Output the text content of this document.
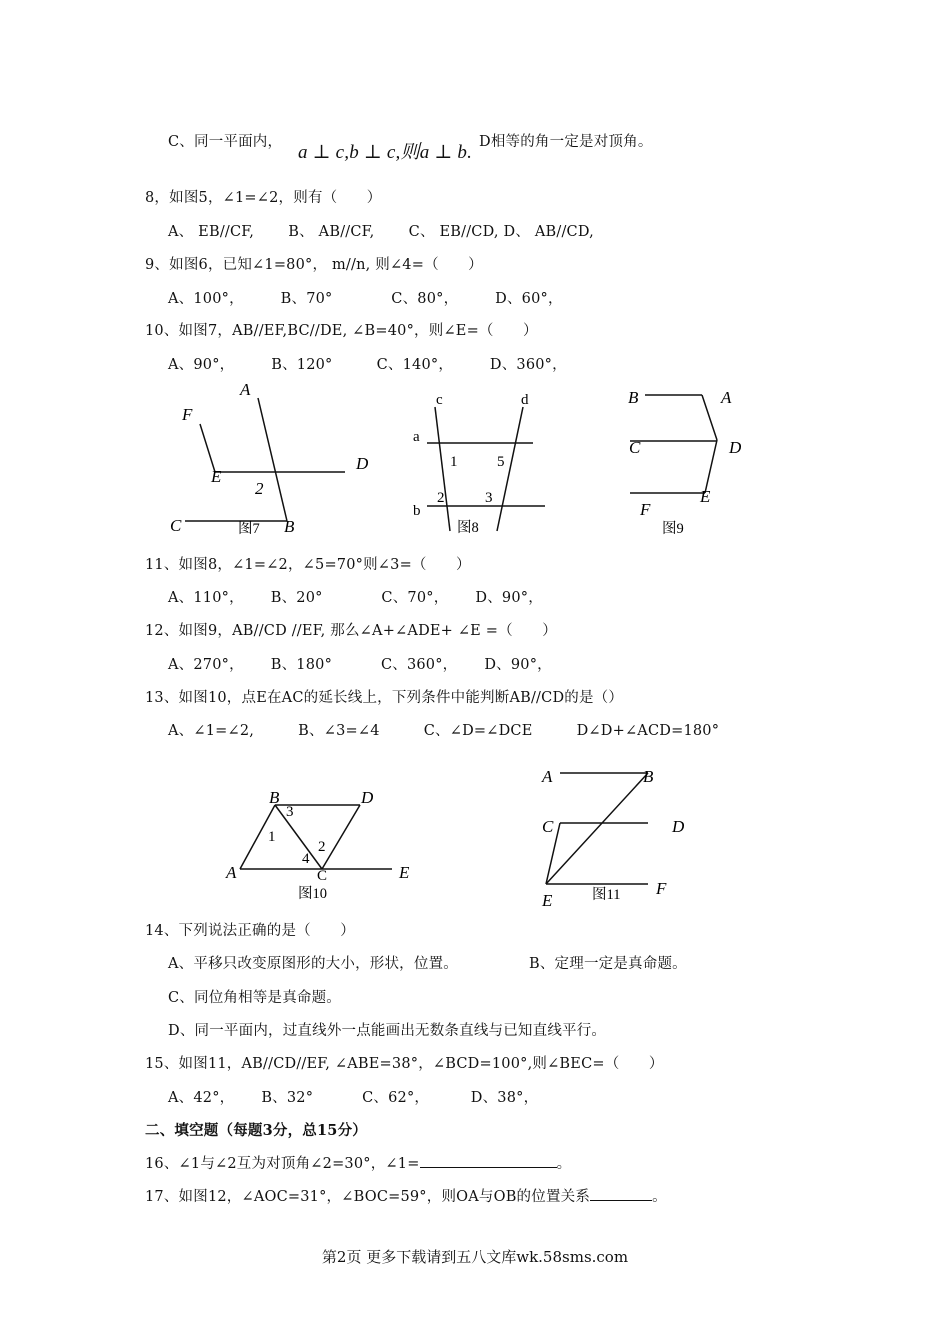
C、同一平面内， a ⊥ c,b ⊥ c,则a ⊥ b. D相等的角一定是对顶角。
8，如图5，∠1=∠2，则有（　　）
A、 EB//CF,　　 B、 AB//CF,　　 C、 EB//CD, D、 AB//CD,
9、如图6，已知∠1=80°， m//n, 则∠4=（　　）
A、100°，　　　B、70°　　　　C、80°，　　　D、60°，
10、如图7，AB//EF,BC//DE, ∠B=40°，则∠E=（　　）
A、90°，　　　B、120°　　　C、140°，　　　D、360°，
A
F
E
D
2
C	B
图7
c	d
a
b
1	5
2	3
图8
B	A
C	D
F
E
图9
11、如图8，∠1=∠2，∠5=70°则∠3=（　　）
A、110°，　　 B、20°　　　　C、70°，　　 D、90°，
12、如图9，AB//CD //EF, 那么∠A+∠ADE+ ∠E =（　　）
A、270°，　　 B、180°　　　 C、360°，　　 D、90°，
13、如图10，点E在AC的延长线上，下列条件中能判断AB//CD的是（）
A、∠1=∠2,　　　B、∠3=∠4　　　C、∠D=∠DCE　　　D∠D+∠ACD=180°
B
3
D
1
2
4
A	C	E
图10
A	B
C	D
E
F
图11
14、下列说法正确的是（　　）
A、平移只改变原图形的大小，形状，位置。	B、定理一定是真命题。
C、同位角相等是真命题。
D、同一平面内，过直线外一点能画出无数条直线与已知直线平行。
15、如图11，AB//CD//EF, ∠ABE=38°，∠BCD=100°,则∠BEC=（　　）
A、42°，　　 B、32°　　　 C、62°，　　　 D、38°，
二、填空题（每题3分，总15分）
16、∠1与∠2互为对顶角∠2=30°，∠1=	。
17、如图12，∠AOC=31°，∠BOC=59°，则OA与OB的位置关系	。
第2页 更多下载请到五八文库wk.58sms.com
